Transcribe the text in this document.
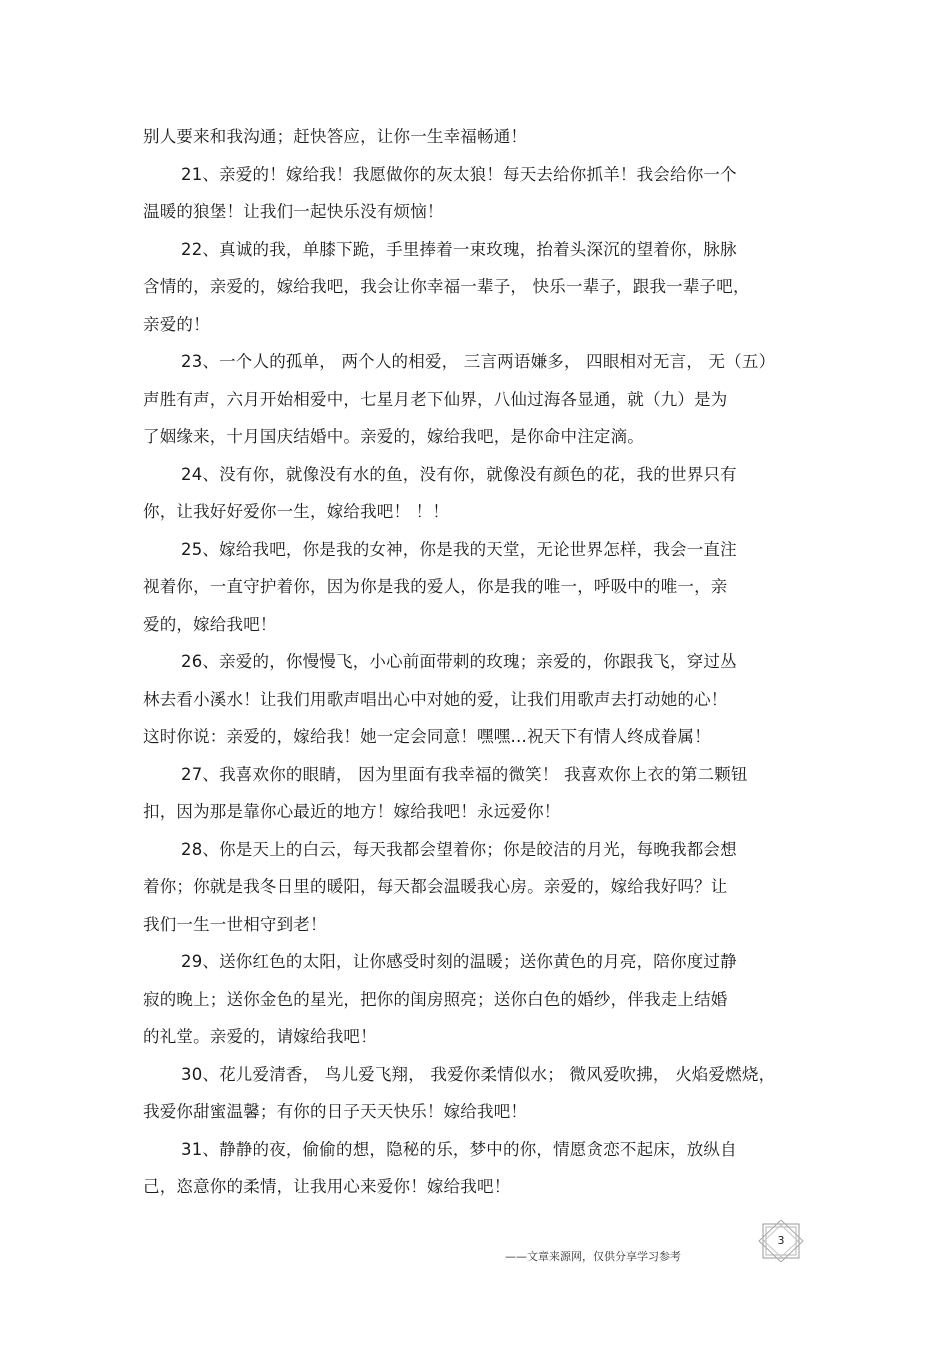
别人要来和我沟通；赶快答应，让你一生幸福畅通！
21、亲爱的！嫁给我！我愿做你的灰太狼！每天去给你抓羊！我会给你一个
温暖的狼堡！让我们一起快乐没有烦恼！
22、真诚的我，单膝下跪，手里捧着一束玫瑰，抬着头深沉的望着你，脉脉
含情的，亲爱的，嫁给我吧，我会让你幸福一辈子， 快乐一辈子，跟我一辈子吧，
亲爱的！
23、一个人的孤单， 两个人的相爱， 三言两语嫌多， 四眼相对无言， 无（五）
声胜有声，六月开始相爱中，七星月老下仙界，八仙过海各显通，就（九）是为
了姻缘来，十月国庆结婚中。亲爱的，嫁给我吧，是你命中注定滴。
24、没有你，就像没有水的鱼，没有你，就像没有颜色的花，我的世界只有
你，让我好好爱你一生，嫁给我吧！ ！！
25、嫁给我吧，你是我的女神，你是我的天堂，无论世界怎样，我会一直注
视着你，一直守护着你，因为你是我的爱人，你是我的唯一，呼吸中的唯一，亲
爱的，嫁给我吧！
26、亲爱的，你慢慢飞，小心前面带刺的玫瑰；亲爱的，你跟我飞，穿过丛
林去看小溪水！让我们用歌声唱出心中对她的爱，让我们用歌声去打动她的心！
这时你说：亲爱的，嫁给我！她一定会同意！嘿嘿…祝天下有情人终成眷属！
27、我喜欢你的眼睛， 因为里面有我幸福的微笑！ 我喜欢你上衣的第二颗钮
扣，因为那是靠你心最近的地方！嫁给我吧！永远爱你！
28、你是天上的白云，每天我都会望着你；你是皎洁的月光，每晚我都会想
着你；你就是我冬日里的暖阳，每天都会温暖我心房。亲爱的，嫁给我好吗？让
我们一生一世相守到老！
29、送你红色的太阳，让你感受时刻的温暖；送你黄色的月亮，陪你度过静
寂的晚上；送你金色的星光，把你的闺房照亮；送你白色的婚纱，伴我走上结婚
的礼堂。亲爱的，请嫁给我吧！
30、花儿爱清香， 鸟儿爱飞翔， 我爱你柔情似水； 微风爱吹拂， 火焰爱燃烧，
我爱你甜蜜温馨；有你的日子天天快乐！嫁给我吧！
31、静静的夜，偷偷的想，隐秘的乐，梦中的你，情愿贪恋不起床，放纵自
己，恣意你的柔情，让我用心来爱你！嫁给我吧！
——文章来源网，仅供分享学习参考
3
